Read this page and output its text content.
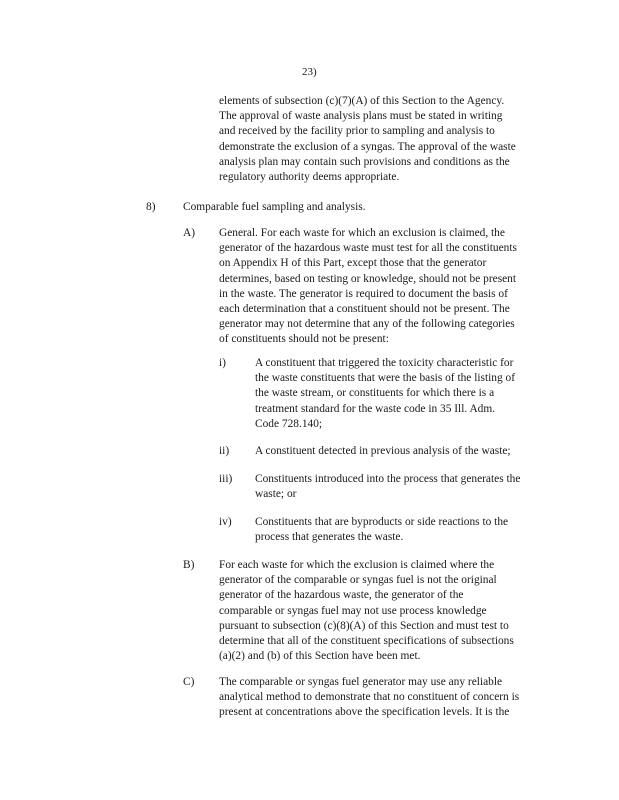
23)

elements of subsection (c)(7)(A) of this Section to the Agency.

The approval of waste analysis plans must be stated in writing

and received by the facility prior to sampling and analysis to

demonstrate the exclusion of a syngas. The approval of the waste

analysis plan may contain such provisions and conditions as the

regulatory authority deems appropriate.

8) Comparable fuel sampling and analysis.

A) General. For each waste for which an exclusion is claimed, the

generator of the hazardous waste must test for all the constituents

on Appendix H of this Part, except those that the generator

determines, based on testing or knowledge, should not be present

in the waste. The generator is required to document the basis of

each determination that a constituent should not be present. The

generator may not determine that any of the following categories

of constituents should not be present:

i)	A constituent that triggered the toxicity characteristic for

the waste constituents that were the basis of the listing of

the waste stream, or constituents for which there is a

treatment standard for the waste code in 35 Ill. Adm.

Code 728.140;

ii) A constituent detected in previous analysis of the waste;

iii) Constituents introduced into the process that generates the

waste; or

iv) Constituents that are byproducts or side reactions to the

process that generates the waste.

B) For each waste for which the exclusion is claimed where the

generator of the comparable or syngas fuel is not the original

generator of the hazardous waste, the generator of the

comparable or syngas fuel may not use process knowledge

pursuant to subsection (c)(8)(A) of this Section and must test to

determine that all of the constituent specifications of subsections

(a)(2) and (b) of this Section have been met.

C) The comparable or syngas fuel generator may use any reliable

analytical method to demonstrate that no constituent of concern is

present at concentrations above the specification levels. It is the
